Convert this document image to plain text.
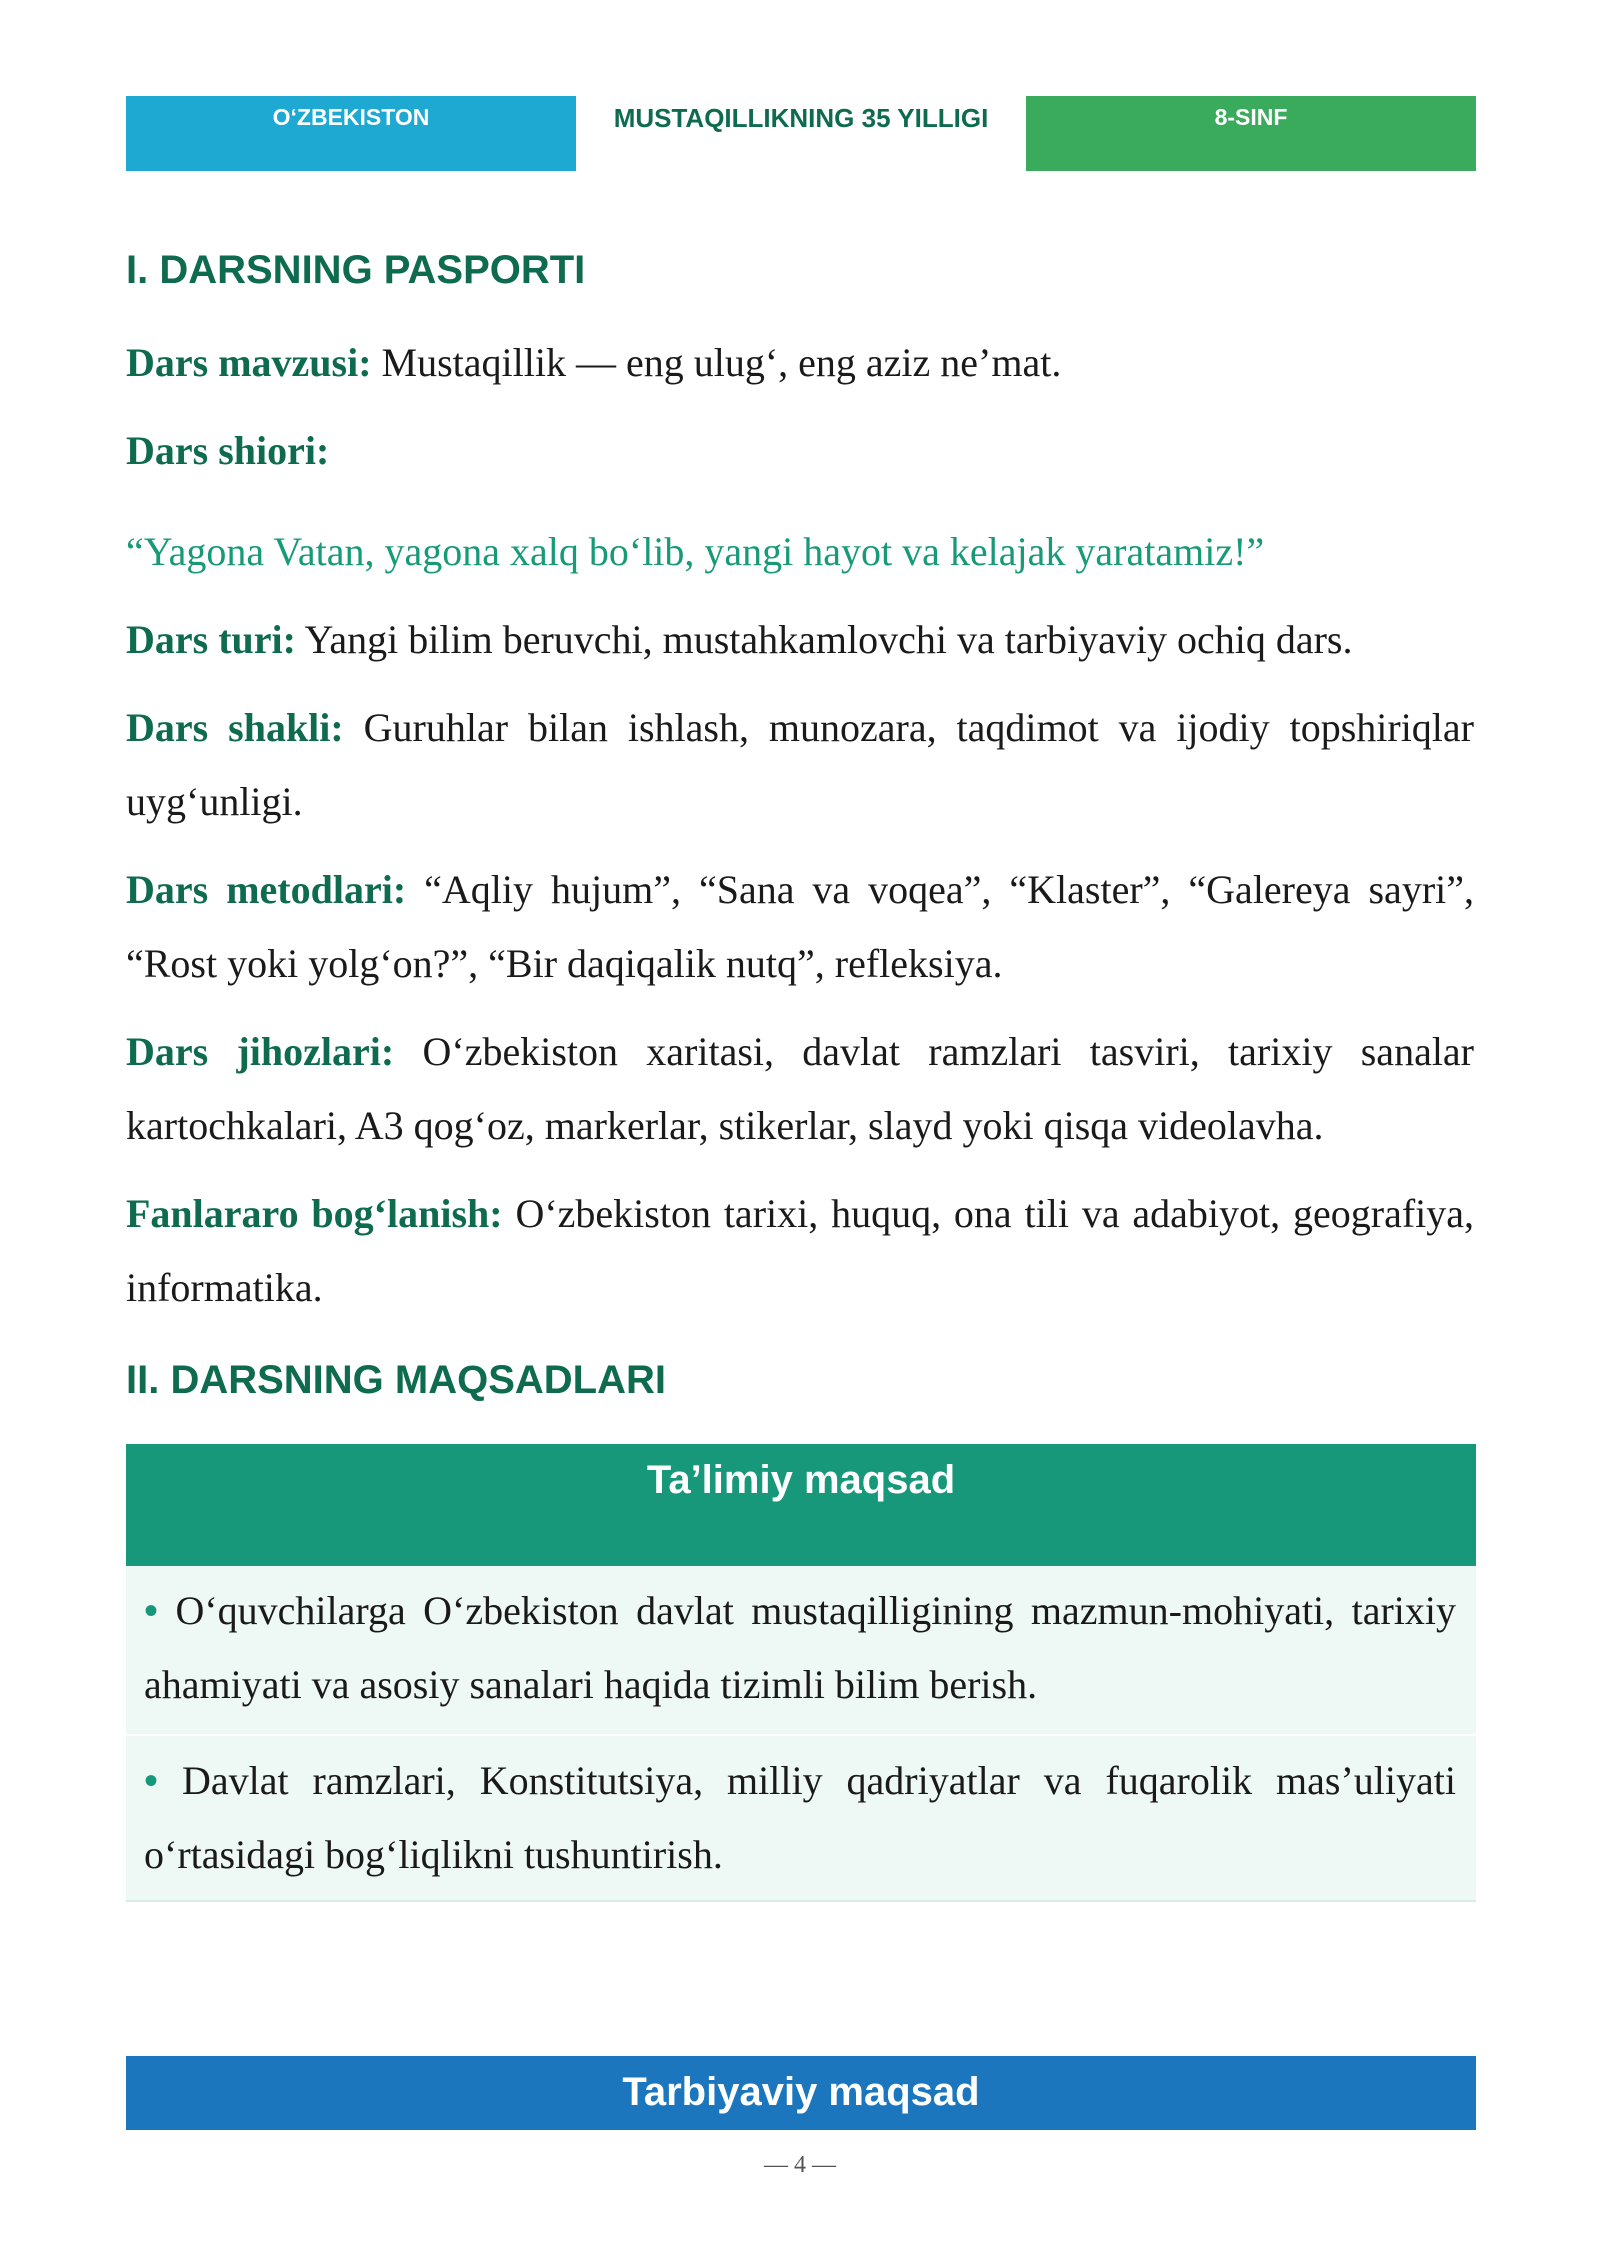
O‘ZBEKISTON	MUSTAQILLIKNING 35 YILLIGI	8-SINF
I. DARSNING PASPORTI

Dars mavzusi: Mustaqillik — eng ulug‘, eng aziz ne’mat.

Dars shiori:

“Yagona Vatan, yagona xalq bo‘lib, yangi hayot va kelajak yaratamiz!”

Dars turi: Yangi bilim beruvchi, mustahkamlovchi va tarbiyaviy ochiq dars.

Dars shakli: Guruhlar bilan ishlash, munozara, taqdimot va ijodiy topshiriqlar uyg‘unligi.

Dars metodlari: “Aqliy hujum”, “Sana va voqea”, “Klaster”, “Galereya sayri”, “Rost yoki yolg‘on?”, “Bir daqiqalik nutq”, refleksiya.

Dars jihozlari: O‘zbekiston xaritasi, davlat ramzlari tasviri, tarixiy sanalar kartochkalari, A3 qog‘oz, markerlar, stikerlar, slayd yoki qisqa videolavha.

Fanlararo bog‘lanish: O‘zbekiston tarixi, huquq, ona tili va adabiyot, geografiya, informatika.

II. DARSNING MAQSADLARI
Ta’limiy maqsad
• O‘quvchilarga O‘zbekiston davlat mustaqilligining mazmun-mohiyati, tarixiy ahamiyati va asosiy sanalari haqida tizimli bilim berish.
• Davlat ramzlari, Konstitutsiya, milliy qadriyatlar va fuqarolik mas’uliyati o‘rtasidagi bog‘liqlikni tushuntirish.
Tarbiyaviy maqsad
— 4 —
